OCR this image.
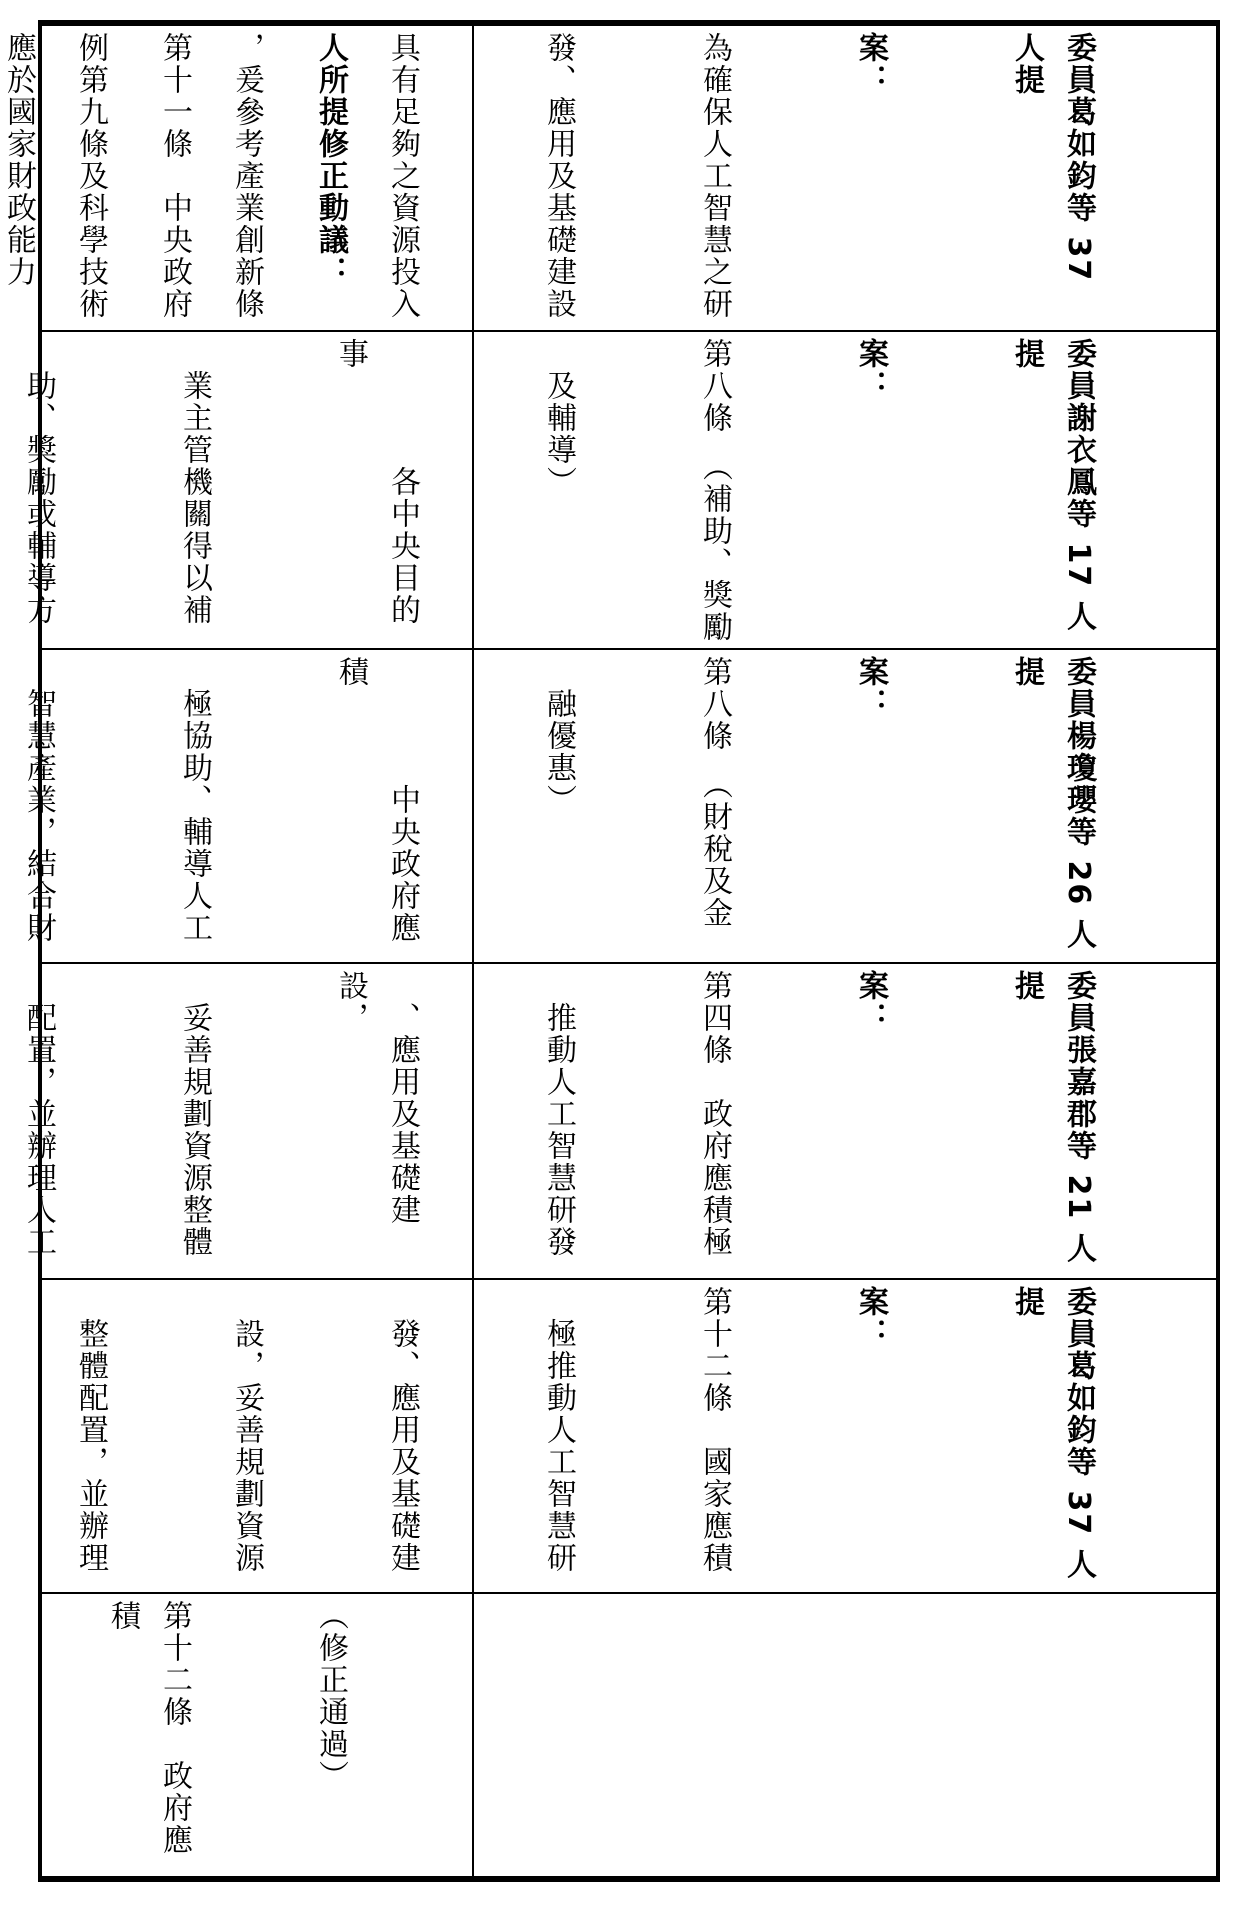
人所提修正動議：

第十一條　中央政府

應於國家財政能力

	委員葛如鈞等 37 人提

案：

為確保人工智慧之研

發、應用及基礎建設

具有足夠之資源投入

，爰參考產業創新條

例第九條及科學技術

委員謝衣鳳等 17 人提

案：

第八條　（補助、獎勵

　及輔導）

　　　　各中央目的事

　業主管機關得以補

　助、獎勵或輔導方

委員楊瓊瓔等 26 人提

案：

第八條　（財稅及金

　融優惠）

　　　　中央政府應積

　極協助、輔導人工

　智慧產業，結合財

委員張嘉郡等 21 人提

案：

第四條　政府應積極

　推動人工智慧研發

　、應用及基礎建設，

　妥善規劃資源整體

　配置，並辦理人工

委員葛如鈞等 37 人提

案：

第十二條　國家應積

　極推動人工智慧研

　發、應用及基礎建

　設，妥善規劃資源

　整體配置，並辦理

（修正通過）

第十二條　政府應積
